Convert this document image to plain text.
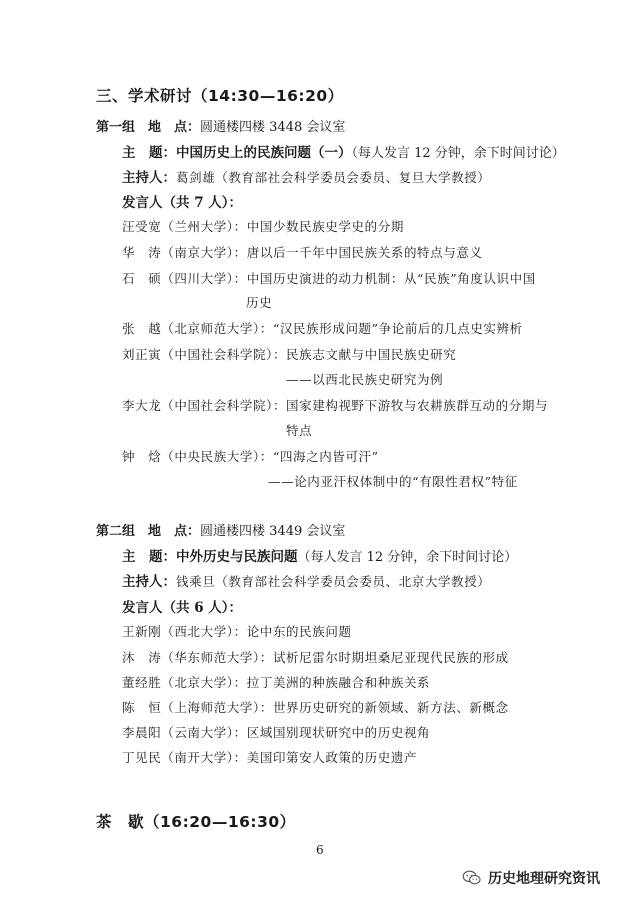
三、学术研讨（14:30—16:20）
第一组　地　点：圆通楼四楼 3448 会议室
主　题：中国历史上的民族问题（一）（每人发言 12 分钟，余下时间讨论）
主持人：葛剑雄（教育部社会科学委员会委员、复旦大学教授）
发言人（共 7 人）：
汪受宽（兰州大学）：中国少数民族史学史的分期
华　涛（南京大学）：唐以后一千年中国民族关系的特点与意义
石　硕（四川大学）：中国历史演进的动力机制：从“民族”角度认识中国
历史
张　越（北京师范大学）：“汉民族形成问题”争论前后的几点史实辨析
刘正寅（中国社会科学院）：民族志文献与中国民族史研究
——以西北民族史研究为例
李大龙（中国社会科学院）：国家建构视野下游牧与农耕族群互动的分期与
特点
钟　焓（中央民族大学）：“四海之内皆可汗”
——论内亚汗权体制中的“有限性君权”特征
第二组　地　点：圆通楼四楼 3449 会议室
主　题：中外历史与民族问题（每人发言 12 分钟，余下时间讨论）
主持人：钱乘旦（教育部社会科学委员会委员、北京大学教授）
发言人（共 6 人）：
王新刚（西北大学）：论中东的民族问题
沐　涛（华东师范大学）：试析尼雷尔时期坦桑尼亚现代民族的形成
董经胜（北京大学）：拉丁美洲的种族融合和种族关系
陈　恒（上海师范大学）：世界历史研究的新领域、新方法、新概念
李晨阳（云南大学）：区域国别现状研究中的历史视角
丁见民（南开大学）：美国印第安人政策的历史遗产
茶　歇（16:20—16:30）
6
历史地理研究资讯
